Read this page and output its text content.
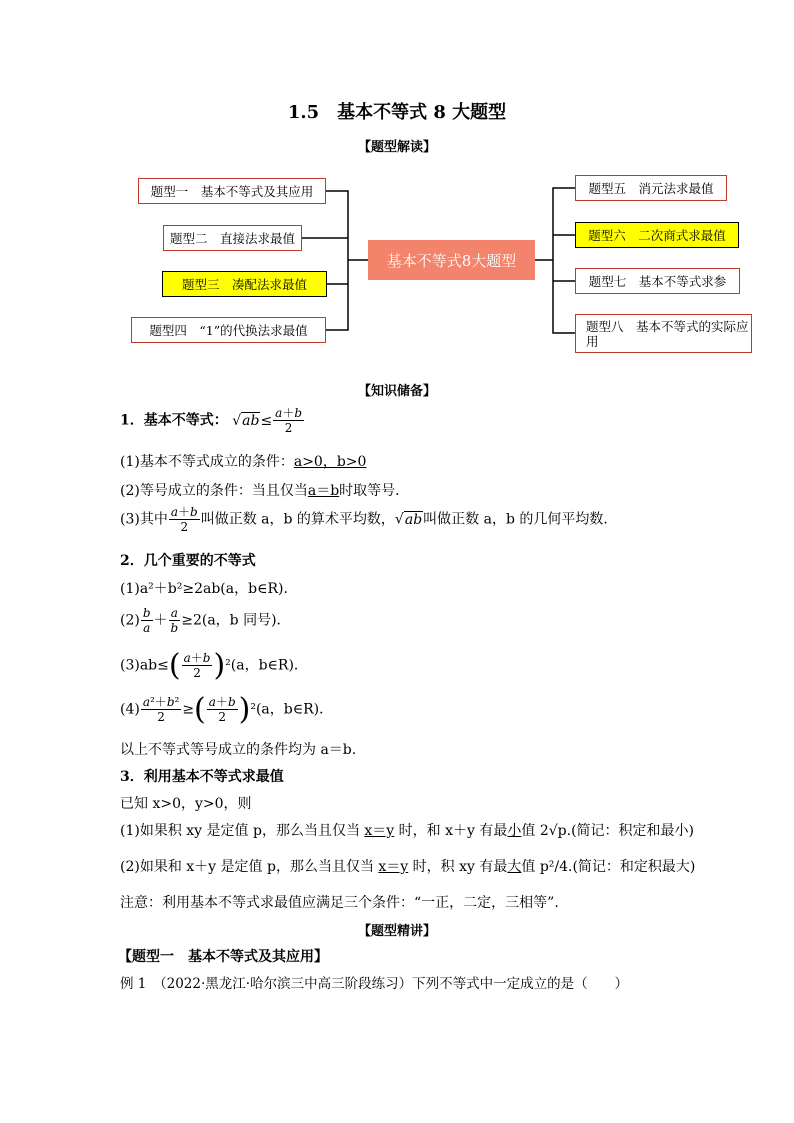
1.5　基本不等式 8 大题型
【题型解读】
基本不等式8大题型
题型一　基本不等式及其应用
题型二　直接法求最值
题型三　凑配法求最值
题型四　“1”的代换法求最值
题型五　消元法求最值
题型六　二次商式求最值
题型七　基本不等式求参
题型八　基本不等式的实际应用
【知识储备】
1．基本不等式： $√ab\le \frac{a+b}{2}$
(1)基本不等式成立的条件：a>0，b>0
(2)等号成立的条件：当且仅当a＝b时取等号．
(3)其中 $\frac{a+b}{2}$ 叫做正数 a，b 的算术平均数，√ab叫做正数 a，b 的几何平均数．
2．几个重要的不等式
(1)a²＋b²≥2ab(a，b∈R)．
$(2) \frac{b}{a} + \frac{a}{b} \ge 2(a$，b 同号)．
$(3)ab\le( \frac{a+b}{2} )^2(a$，b∈R)．
$(4) \frac{\text{a²＋b²}}{2}$ ≥( $\frac{a+b}{2} )^2(a$，b∈R)．
以上不等式等号成立的条件均为 a＝b.
3．利用基本不等式求最值
已知 x>0，y>0，则
(1)如果积 xy 是定值 p，那么当且仅当 x＝y 时，和 x＋y 有最小值 2√p.(简记：积定和最小)
(2)如果和 x＋y 是定值 p，那么当且仅当 x＝y 时，积 xy 有最大值 p²/4.(简记：和定积最大)
注意：利用基本不等式求最值应满足三个条件：“一正，二定，三相等”.
【题型精讲】
【题型一　基本不等式及其应用】
例 1　（2022·黑龙江·哈尔滨三中高三阶段练习）下列不等式中一定成立的是（　　）
